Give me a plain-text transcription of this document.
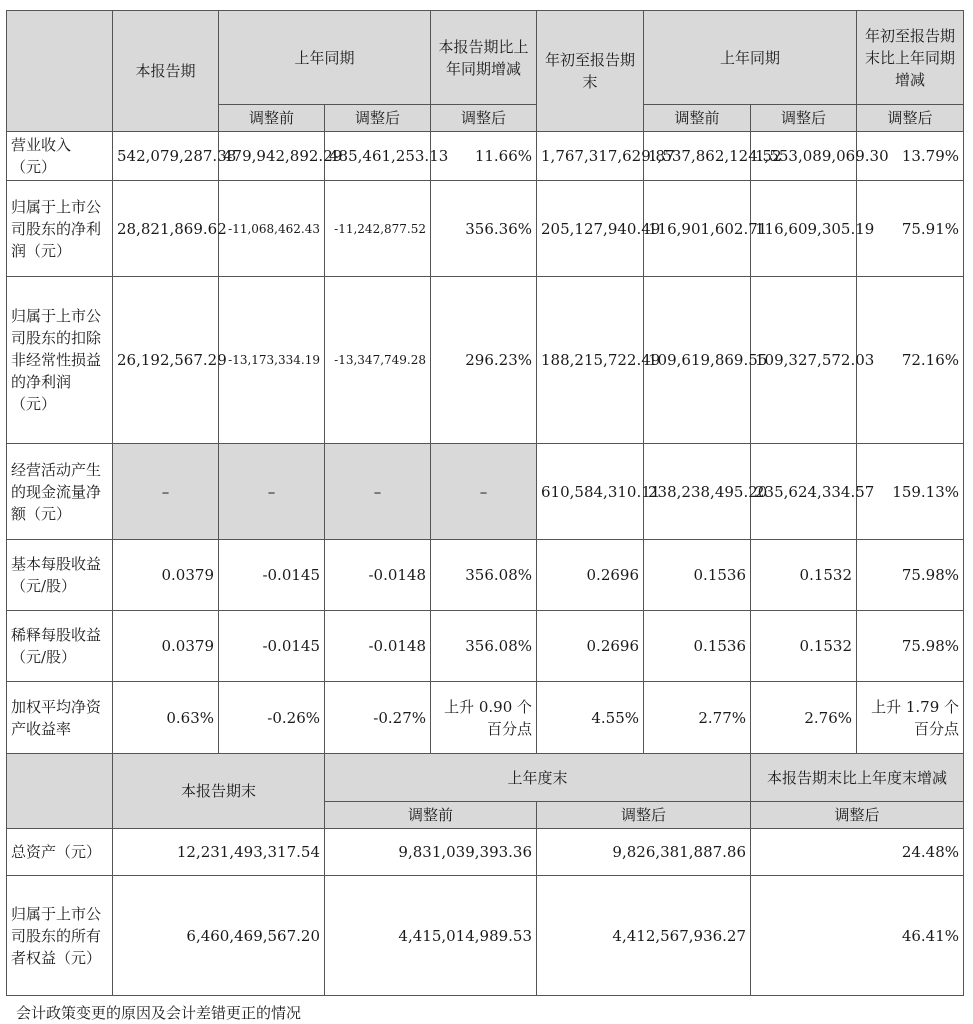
	本报告期	上年同期		本报告期比上年同期增减	年初至报告期末	上年同期		年初至报告期末比上年同期增减
		调整前	调整后	调整后		调整前	调整后	调整后
营业收入（元）	542,079,287.38	479,942,892.29	485,461,253.13	11.66%	1,767,317,629.87	1,537,862,124.52	1,553,089,069.30	13.79%
归属于上市公司股东的净利润（元）	28,821,869.62	-11,068,462.43	-11,242,877.52	356.36%	205,127,940.49	116,901,602.71	116,609,305.19	75.91%
归属于上市公司股东的扣除非经常性损益的净利润（元）	26,192,567.29	-13,173,334.19	-13,347,749.28	296.23%	188,215,722.49	109,619,869.55	109,327,572.03	72.16%
经营活动产生的现金流量净额（元）	–	–	–	–	610,584,310.11	238,238,495.20	235,624,334.57	159.13%
基本每股收益（元/股）	0.0379	-0.0145	-0.0148	356.08%	0.2696	0.1536	0.1532	75.98%
稀释每股收益（元/股）	0.0379	-0.0145	-0.0148	356.08%	0.2696	0.1536	0.1532	75.98%
加权平均净资产收益率	0.63%	-0.26%	-0.27%	上升 0.90 个百分点	4.55%	2.77%	2.76%	上升 1.79 个百分点
	本报告期末		上年度末				本报告期末比上年度末增减	
			调整前		调整后		调整后	
总资产（元）	12,231,493,317.54		9,831,039,393.36		9,826,381,887.86		24.48%	
归属于上市公司股东的所有者权益（元）	6,460,469,567.20		4,415,014,989.53		4,412,567,936.27		46.41%	
会计政策变更的原因及会计差错更正的情况
